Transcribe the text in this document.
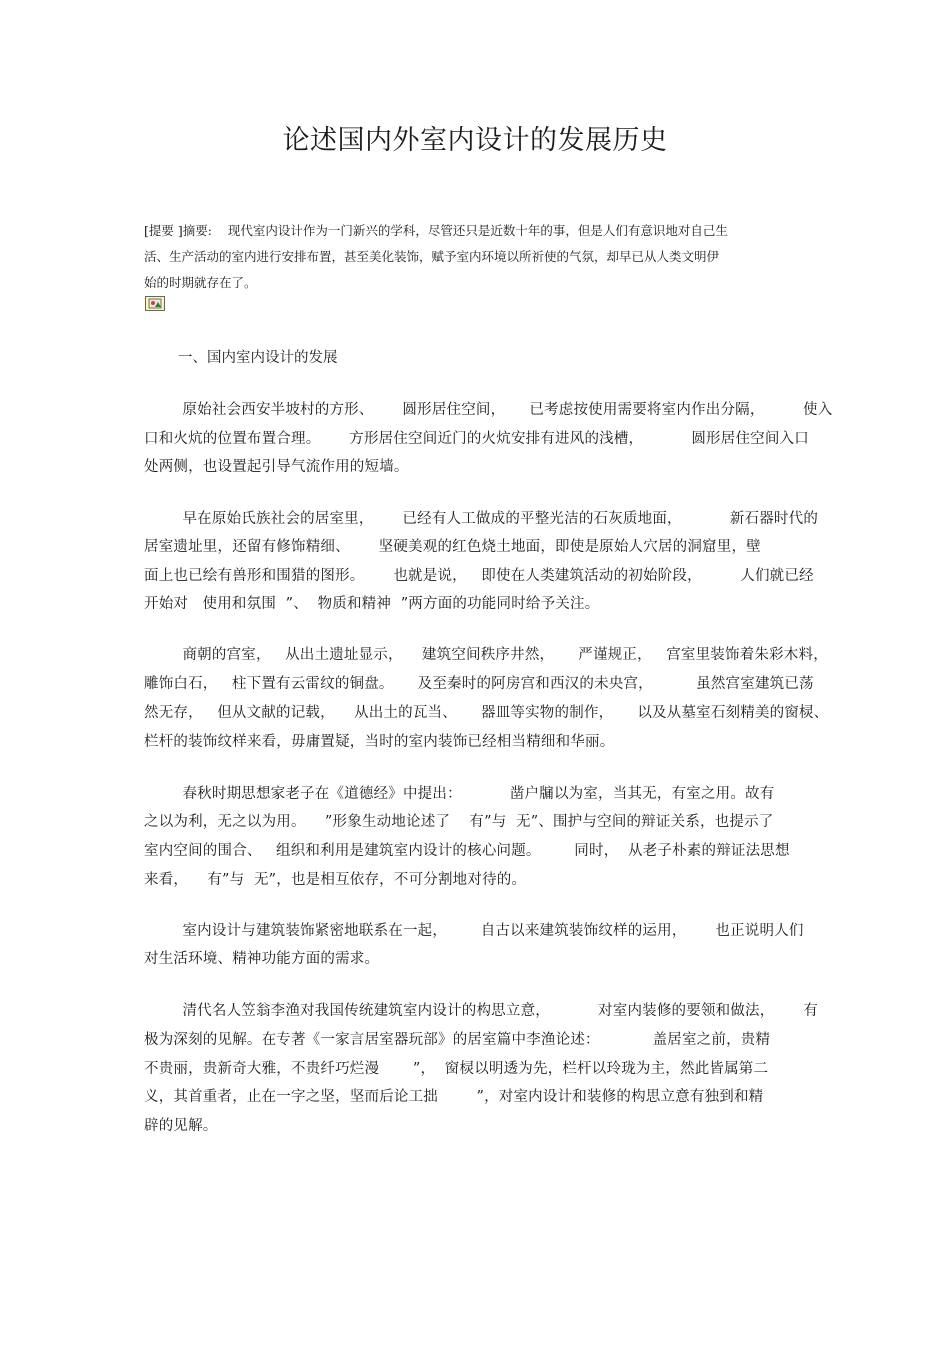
论述国内外室内设计的发展历史
[提要 ]摘要:    现代室内设计作为一门新兴的学科，尽管还只是近数十年的事，但是人们有意识地对自己生
活、生产活动的室内进行安排布置，甚至美化装饰，赋予室内环境以所祈使的气氛，却早已从人类文明伊
始的时期就存在了。
一、国内室内设计的发展
原始社会西安半坡村的方形、      圆形居住空间，     已考虑按使用需要将室内作出分隔，        使入
口和火炕的位置布置合理。      方形居住空间近门的火炕安排有进风的浅槽，          圆形居住空间入口
处两侧，也设置起引导气流作用的短墙。
早在原始氏族社会的居室里，      已经有人工做成的平整光洁的石灰质地面，          新石器时代的
居室遗址里，还留有修饰精细、      坚硬美观的红色烧土地面，即使是原始人穴居的洞窟里，壁
面上也已绘有兽形和围猎的图形。      也就是说，   即使在人类建筑活动的初始阶段，        人们就已经
开始对   使用和氛围  ”、  物质和精神  ”两方面的功能同时给予关注。
商朝的宫室，   从出土遗址显示，    建筑空间秩序井然，     严谨规正，   宫室里装饰着朱彩木料，
雕饰白石，   柱下置有云雷纹的铜盘。     及至秦时的阿房宫和西汉的未央宫，         虽然宫室建筑已荡
然无存，   但从文献的记载，    从出土的瓦当、     器皿等实物的制作，     以及从墓室石刻精美的窗棂、
栏杆的装饰纹样来看，毋庸置疑，当时的室内装饰已经相当精细和华丽。
春秋时期思想家老子在《道德经》中提出：          凿户牖以为室，当其无，有室之用。故有
之以为利，无之以为用。    ”形象生动地论述了    有”与  无”、围护与空间的辩证关系，也提示了
室内空间的围合、   组织和利用是建筑室内设计的核心问题。       同时，  从老子朴素的辩证法思想
来看，    有”与  无”，也是相互依存，不可分割地对待的。
室内设计与建筑装饰紧密地联系在一起，       自古以来建筑装饰纹样的运用，      也正说明人们
对生活环境、精神功能方面的需求。
清代名人笠翁李渔对我国传统建筑室内设计的构思立意，          对室内装修的要领和做法，      有
极为深刻的见解。在专著《一家言居室器玩部》的居室篇中李渔论述：           盖居室之前，贵精
不贵丽，贵新奇大雅，不贵纤巧烂漫       ”，  窗棂以明透为先，栏杆以玲珑为主，然此皆属第二
义，其首重者，止在一字之坚，坚而后论工拙        ”，对室内设计和装修的构思立意有独到和精
辟的见解。
